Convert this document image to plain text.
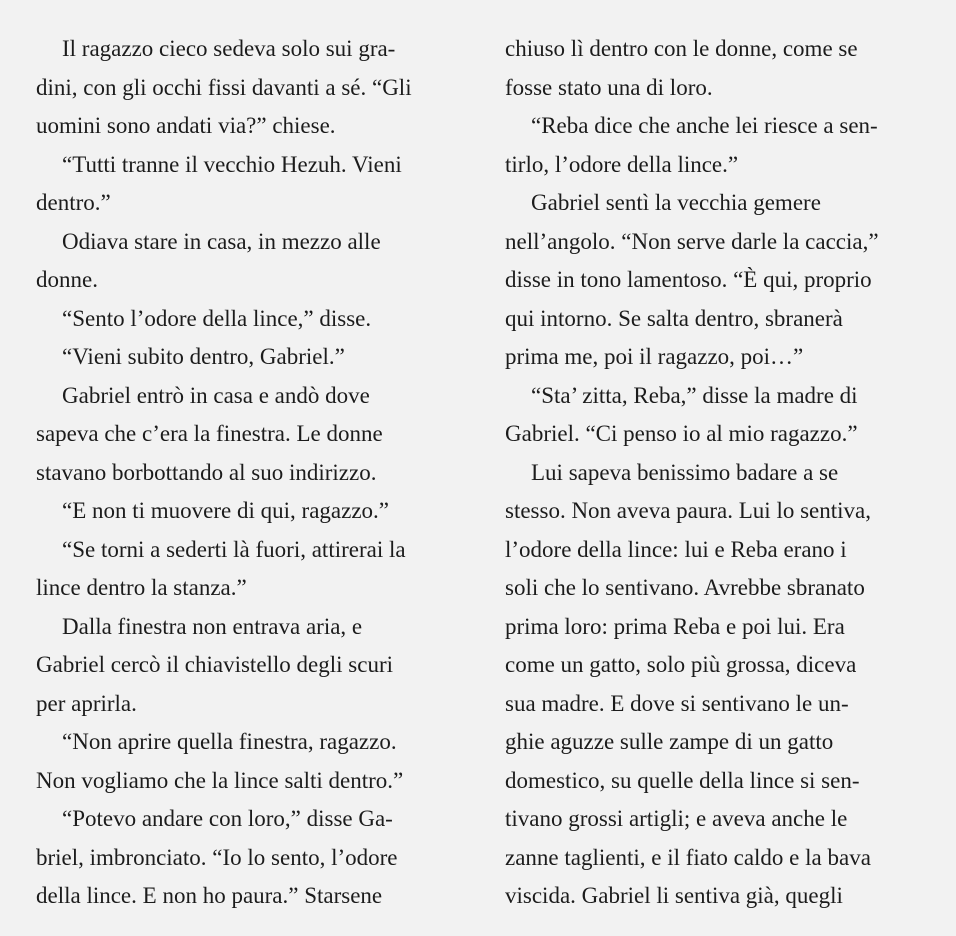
Il ragazzo cieco sedeva solo sui gra-
dini, con gli occhi fissi davanti a sé. “Gli
uomini sono andati via?” chiese.
“Tutti tranne il vecchio Hezuh. Vieni
dentro.”
Odiava stare in casa, in mezzo alle
donne.
“Sento l’odore della lince,” disse.
“Vieni subito dentro, Gabriel.”
Gabriel entrò in casa e andò dove
sapeva che c’era la finestra. Le donne
stavano borbottando al suo indirizzo.
“E non ti muovere di qui, ragazzo.”
“Se torni a sederti là fuori, attirerai la
lince dentro la stanza.”
Dalla finestra non entrava aria, e
Gabriel cercò il chiavistello degli scuri
per aprirla.
“Non aprire quella finestra, ragazzo.
Non vogliamo che la lince salti dentro.”
“Potevo andare con loro,” disse Ga-
briel, imbronciato. “Io lo sento, l’odore
della lince. E non ho paura.” Starsene
chiuso lì dentro con le donne, come se
fosse stato una di loro.
“Reba dice che anche lei riesce a sen-
tirlo, l’odore della lince.”
Gabriel sentì la vecchia gemere
nell’angolo. “Non serve darle la caccia,”
disse in tono lamentoso. “È qui, proprio
qui intorno. Se salta dentro, sbranerà
prima me, poi il ragazzo, poi…”
“Sta’ zitta, Reba,” disse la madre di
Gabriel. “Ci penso io al mio ragazzo.”
Lui sapeva benissimo badare a se
stesso. Non aveva paura. Lui lo sentiva,
l’odore della lince: lui e Reba erano i
soli che lo sentivano. Avrebbe sbranato
prima loro: prima Reba e poi lui. Era
come un gatto, solo più grossa, diceva
sua madre. E dove si sentivano le un-
ghie aguzze sulle zampe di un gatto
domestico, su quelle della lince si sen-
tivano grossi artigli; e aveva anche le
zanne taglienti, e il fiato caldo e la bava
viscida. Gabriel li sentiva già, quegli
